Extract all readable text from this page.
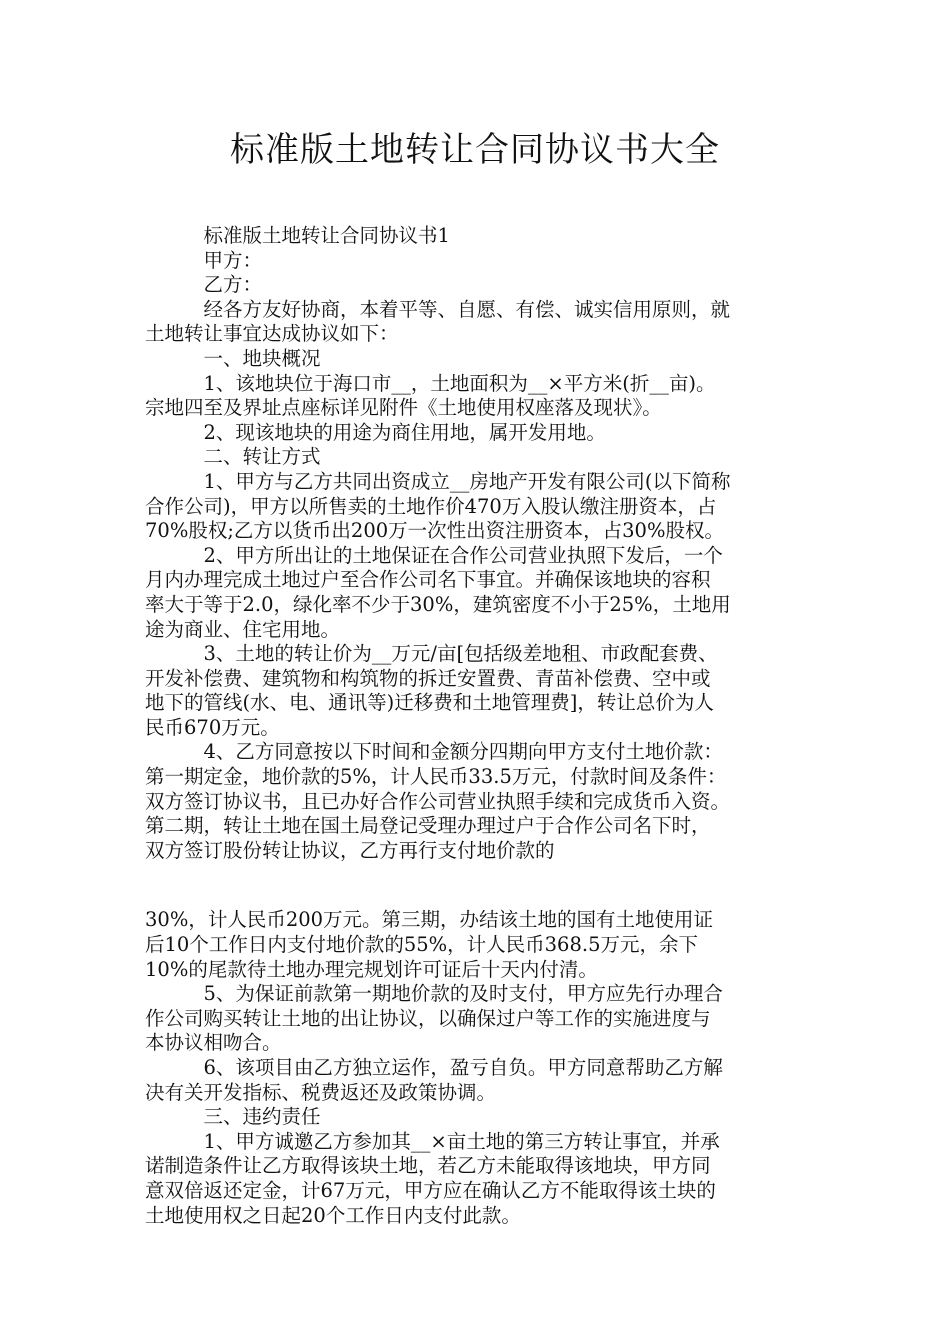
标准版土地转让合同协议书大全
　　　标准版土地转让合同协议书1
　　　甲方：
　　　乙方：
　　　经各方友好协商，本着平等、自愿、有偿、诚实信用原则，就
土地转让事宜达成协议如下：
　　　一、地块概况
　　　1、该地块位于海口市__，土地面积为__×平方米(折__亩)。
宗地四至及界址点座标详见附件《土地使用权座落及现状》。
　　　2、现该地块的用途为商住用地，属开发用地。
　　　二、转让方式
　　　1、甲方与乙方共同出资成立__房地产开发有限公司(以下简称
合作公司)，甲方以所售卖的土地作价470万入股认缴注册资本，占
70%股权;乙方以货币出200万一次性出资注册资本，占30%股权。
　　　2、甲方所出让的土地保证在合作公司营业执照下发后，一个
月内办理完成土地过户至合作公司名下事宜。并确保该地块的容积
率大于等于2.0，绿化率不少于30%，建筑密度不小于25%，土地用
途为商业、住宅用地。
　　　3、土地的转让价为__万元/亩[包括级差地租、市政配套费、
开发补偿费、建筑物和构筑物的拆迁安置费、青苗补偿费、空中或
地下的管线(水、电、通讯等)迁移费和土地管理费]，转让总价为人
民币670万元。
　　　4、乙方同意按以下时间和金额分四期向甲方支付土地价款：
第一期定金，地价款的5%，计人民币33.5万元，付款时间及条件：
双方签订协议书，且已办好合作公司营业执照手续和完成货币入资。
第二期，转让土地在国土局登记受理办理过户于合作公司名下时，
双方签订股份转让协议，乙方再行支付地价款的
30%，计人民币200万元。第三期，办结该土地的国有土地使用证
后10个工作日内支付地价款的55%，计人民币368.5万元，余下
10%的尾款待土地办理完规划许可证后十天内付清。
　　　5、为保证前款第一期地价款的及时支付，甲方应先行办理合
作公司购买转让土地的出让协议，以确保过户等工作的实施进度与
本协议相吻合。
　　　6、该项目由乙方独立运作，盈亏自负。甲方同意帮助乙方解
决有关开发指标、税费返还及政策协调。
　　　三、违约责任
　　　1、甲方诚邀乙方参加其__×亩土地的第三方转让事宜，并承
诺制造条件让乙方取得该块土地，若乙方未能取得该地块，甲方同
意双倍返还定金，计67万元，甲方应在确认乙方不能取得该土块的
土地使用权之日起20个工作日内支付此款。
